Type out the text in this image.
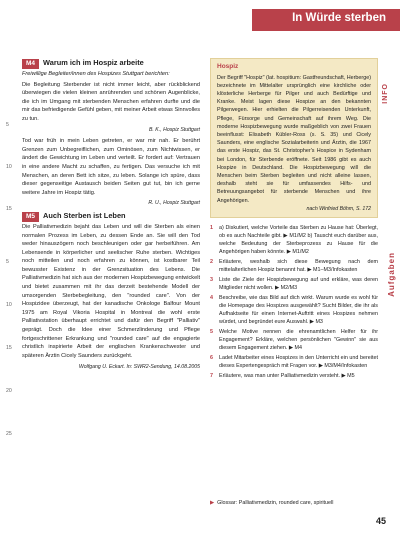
In Würde sterben
M4 Warum ich im Hospiz arbeite
Freiwillige Begleiter/innen des Hospizes Stuttgart berichten:

Die Begleitung Sterbender ist nicht immer leicht, aber rückblickend überwiegen die vielen kleinen anrührenden und schönen Augenblicke, die ich im Umgang mit sterbenden Menschen erfahren durfte und die mir das befriedigende Gefühl geben, mit meiner Arbeit etwas Sinnvolles zu tun.

B. K., Hospiz Stuttgart

Tod war früh in mein Leben getreten, er war mir nah. Er berührt Grenzen zum Unbegreiflichen, zum Ominösen, zum Nichtwissen, er ändert die Gewichtung im Leben und verteilt. Er fordert auf: Vertrauen in eine andere Macht zu schaffen, zu fertigen. Das versuche ich mit Menschen, an deren Bett ich sitze, zu leben. Solange ich spüre, dass dieser gegenseitige Austausch beiden Seiten gut tut, bin ich gerne weitere Jahre im Hospiz tätig.

R. U., Hospiz Stuttgart
M5 Auch Sterben ist Leben

Die Palliativmedizin bejaht das Leben und will die Sterben als einen normalen Prozess im Leben, zu dessen Ende an. Sie will den Tod weder hinauszögern noch beschleunigen oder gar herbeiführen. Am Lebensende in körperlicher und seelischer Ruhe sterben. Wichtiges noch mitteilen und noch erfahren zu können, ist kostbarer Teil bewusster Existenz in der Grenzsituation des Lebens. Die Palliativmedizin hat sich aus der modernen Hospizbewegung entwickelt und bietet zusammen mit ihr das derzeit bestehende Modell der umsorgenden Sterbebegleitung, den "rounded care". Von der Hospizidee überzeugt, hat der kanadische Onkologe Balfour Mount 1975 am Royal Vikoria Hospital in Montreal die wohl erste Palliativstation überhaupt errichtet und dafür den Begriff "Palliativ" geprägt. Doch die Idee einer Schmerzlinderung und Pflege fortgeschrittener Erkrankung und "rounded care" auf die engagierte christlich inspirierte Arbeit der englischen Krankenschwester und späteren Ärztin Cicely Saunders zurückgeht.

Wolfgang U. Eckart. In: SWR2-Sendung, 14.08.2005
Hospiz
Der Begriff "Hospiz" (lat. hospitium: Gastfreundschaft, Herberge) bezeichnete im Mittelalter ursprünglich eine kirchliche oder klösterliche Herberge für Pilger und auch Bedürftige und Kranke. Meist lagen diese Hospize an den bekannten Pilgerwegen. Hier erhielten die Pilgerreisenden Unterkunft, Pflege, Fürsorge und Gemeinschaft auf ihrem Weg. Die moderne Hospizbewegung wurde maßgeblich von zwei Frauen beeinflusst: Elisabeth Kübler-Ross (s. S. 35) und Cicely Saunders, eine englische Sozialarbeiterin und Ärztin, die 1967 das erste Hospiz, das St. Christopher's Hospice in Sydenham bei London, für Sterbende eröffnete. Seit 1986 gibt es auch Hospize in Deutschland. Die Hospizbewegung will die Menschen beim Sterben begleiten und nicht alleine lassen, deshalb steht sie für umfassendes Hilfs- und Betreuungsangebot für sterbende Menschen und ihre Angehörigen.
nach Winfried Böhm, S. 172
INFO
1 a) Diskutiert, welche Vorteile das Sterben zu Hause hat: Überlegt, ob es auch Nachteile gibt. ▶ M1/M2 b) Tauscht euch darüber aus, welche Bedeutung der Sterbeprozess zu Hause für die Angehörigen haben könnte. ▶ M1/M2
2 Erläutere, weshalb sich diese Bewegung nach dem mittelalterlichen Hospiz benannt hat. ▶ M1–M3/Infokasten
3 Liste die Ziele der Hospizbewegung auf und erkläre, was deren Mitglieder nicht wollen. ▶ M2/M3
4 Beschreibe, wie das Bild auf dich wirkt. Warum wurde es wohl für die Homepage des Hospizes ausgewählt? Sucht Bilder, die ihr als Aufhaktseite für einen Internet-Auftritt eines Hospizes nehmen würdet, und begründet eure Auswahl. ▶ M3
5 Welche Motive nennen die ehrenamtlichen Helfer für ihr Engagement? Erkläre, welchen persönlichen "Gewinn" sie aus diesem Engagement ziehen. ▶ M4
6 Ladet Mitarbeiter eines Hospizes in den Unterricht ein und bereitet dieses Expertengespräch mit Fragen vor. ▶ M3/M4/Infokasten
7 Erläutere, was man unter Palliativmedizin versteht. ▶ M5
Aufgaben
5
10
15
5
10
15
20
25
▶ Glossar: Palliativmedizin, rounded care, spirituell
45
